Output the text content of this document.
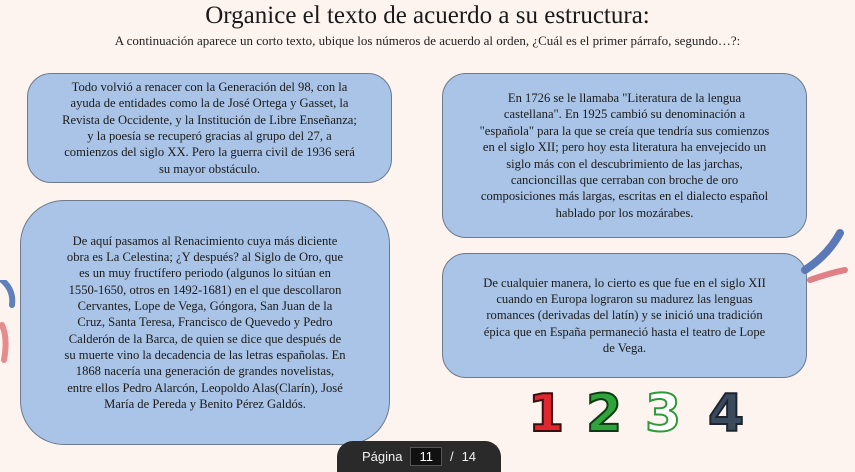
Organice el texto de acuerdo a su estructura:
A continuación aparece un corto texto, ubique los números de acuerdo al orden, ¿Cuál es el primer párrafo, segundo…?:
Todo volvió a renacer con la Generación del 98, con la
ayuda de entidades como la de José Ortega y Gasset, la
Revista de Occidente, y la Institución de Libre Enseñanza;
y la poesía se recuperó gracias al grupo del 27, a
comienzos del siglo XX. Pero la guerra civil de 1936 será
su mayor obstáculo.
En 1726 se le llamaba "Literatura de la lengua
castellana". En 1925 cambió su denominación a
"española" para la que se creía que tendría sus comienzos
en el siglo XII; pero hoy esta literatura ha envejecido un
siglo más con el descubrimiento de las jarchas,
cancioncillas que cerraban con broche de oro
composiciones más largas, escritas en el dialecto español
hablado por los mozárabes.
De aquí pasamos al Renacimiento cuya más diciente
obra es La Celestina; ¿Y después? al Siglo de Oro, que
es un muy fructífero periodo (algunos lo sitúan en
1550-1650, otros en 1492-1681) en el que descollaron
Cervantes, Lope de Vega, Góngora, San Juan de la
Cruz, Santa Teresa, Francisco de Quevedo y Pedro
Calderón de la Barca, de quien se dice que después de
su muerte vino la decadencia de las letras españolas. En
1868 nacería una generación de grandes novelistas,
entre ellos Pedro Alarcón, Leopoldo Alas(Clarín), José
María de Pereda y Benito Pérez Galdós.
De cualquier manera, lo cierto es que fue en el siglo XII
cuando en Europa lograron su madurez las lenguas
romances (derivadas del latín) y se inició una tradición
épica que en España permaneció hasta el teatro de Lope
de Vega.
1 2 3 4
Página	11	/ 14
